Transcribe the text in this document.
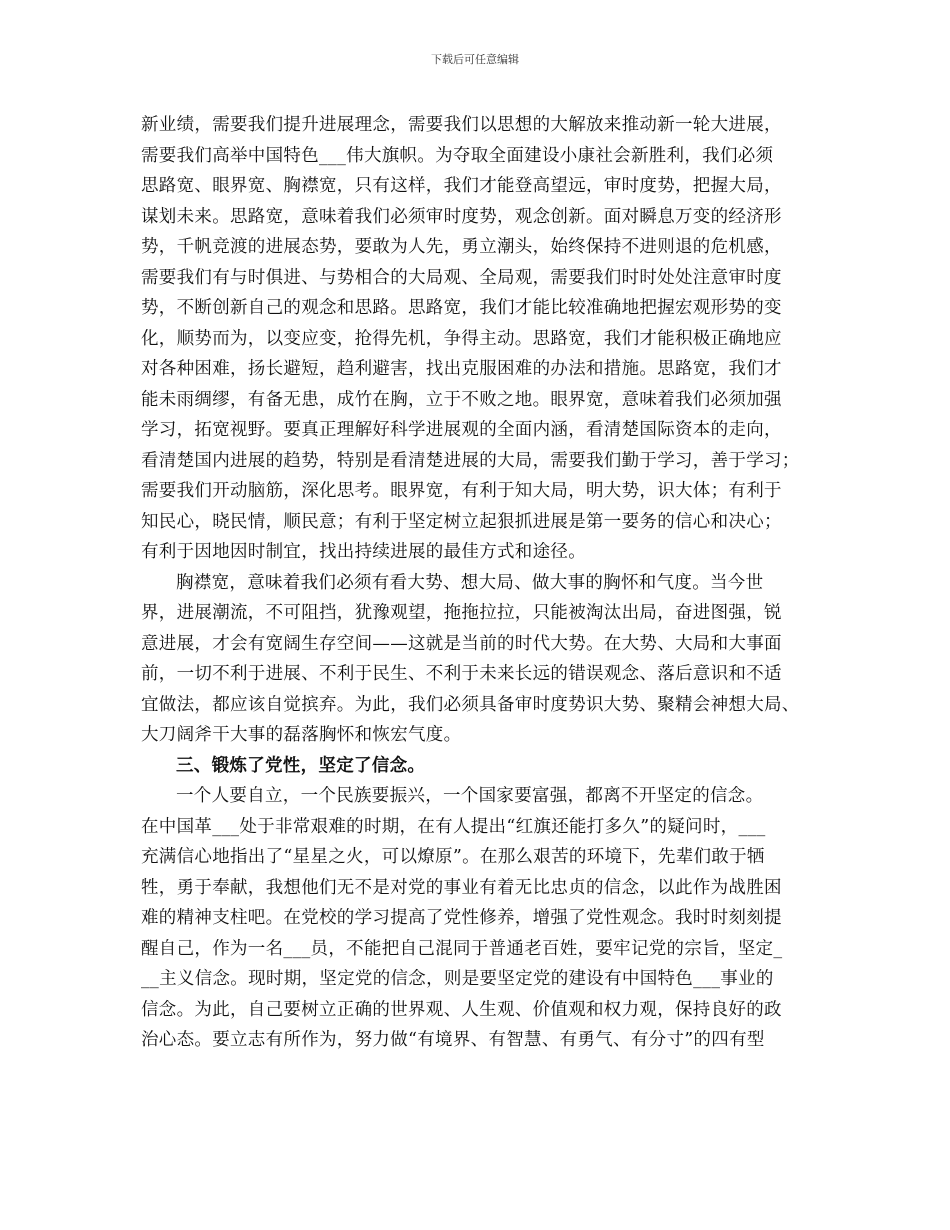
下载后可任意编辑
新业绩，需要我们提升进展理念，需要我们以思想的大解放来推动新一轮大进展，
需要我们高举中国特色___伟大旗帜。为夺取全面建设小康社会新胜利，我们必须
思路宽、眼界宽、胸襟宽，只有这样，我们才能登高望远，审时度势，把握大局，
谋划未来。思路宽，意味着我们必须审时度势，观念创新。面对瞬息万变的经济形
势，千帆竞渡的进展态势，要敢为人先，勇立潮头，始终保持不进则退的危机感，
需要我们有与时俱进、与势相合的大局观、全局观，需要我们时时处处注意审时度
势，不断创新自己的观念和思路。思路宽，我们才能比较准确地把握宏观形势的变
化，顺势而为，以变应变，抢得先机，争得主动。思路宽，我们才能积极正确地应
对各种困难，扬长避短，趋利避害，找出克服困难的办法和措施。思路宽，我们才
能未雨绸缪，有备无患，成竹在胸，立于不败之地。眼界宽，意味着我们必须加强
学习，拓宽视野。要真正理解好科学进展观的全面内涵，看清楚国际资本的走向，
看清楚国内进展的趋势，特别是看清楚进展的大局，需要我们勤于学习，善于学习；
需要我们开动脑筋，深化思考。眼界宽，有利于知大局，明大势，识大体；有利于
知民心，晓民情，顺民意；有利于坚定树立起狠抓进展是第一要务的信心和决心；
有利于因地因时制宜，找出持续进展的最佳方式和途径。
胸襟宽，意味着我们必须有看大势、想大局、做大事的胸怀和气度。当今世
界，进展潮流，不可阻挡，犹豫观望，拖拖拉拉，只能被淘汰出局，奋进图强，锐
意进展，才会有宽阔生存空间——这就是当前的时代大势。在大势、大局和大事面
前，一切不利于进展、不利于民生、不利于未来长远的错误观念、落后意识和不适
宜做法，都应该自觉摈弃。为此，我们必须具备审时度势识大势、聚精会神想大局、
大刀阔斧干大事的磊落胸怀和恢宏气度。
三、锻炼了党性，坚定了信念。
一个人要自立，一个民族要振兴，一个国家要富强，都离不开坚定的信念。
在中国革___处于非常艰难的时期，在有人提出“红旗还能打多久”的疑问时，___
充满信心地指出了“星星之火，可以燎原”。在那么艰苦的环境下，先辈们敢于牺
牲，勇于奉献，我想他们无不是对党的事业有着无比忠贞的信念，以此作为战胜困
难的精神支柱吧。在党校的学习提高了党性修养，增强了党性观念。我时时刻刻提
醒自己，作为一名___员，不能把自己混同于普通老百姓，要牢记党的宗旨，坚定_
__主义信念。现时期，坚定党的信念，则是要坚定党的建设有中国特色___事业的
信念。为此，自己要树立正确的世界观、人生观、价值观和权力观，保持良好的政
治心态。要立志有所作为，努力做“有境界、有智慧、有勇气、有分寸”的四有型
